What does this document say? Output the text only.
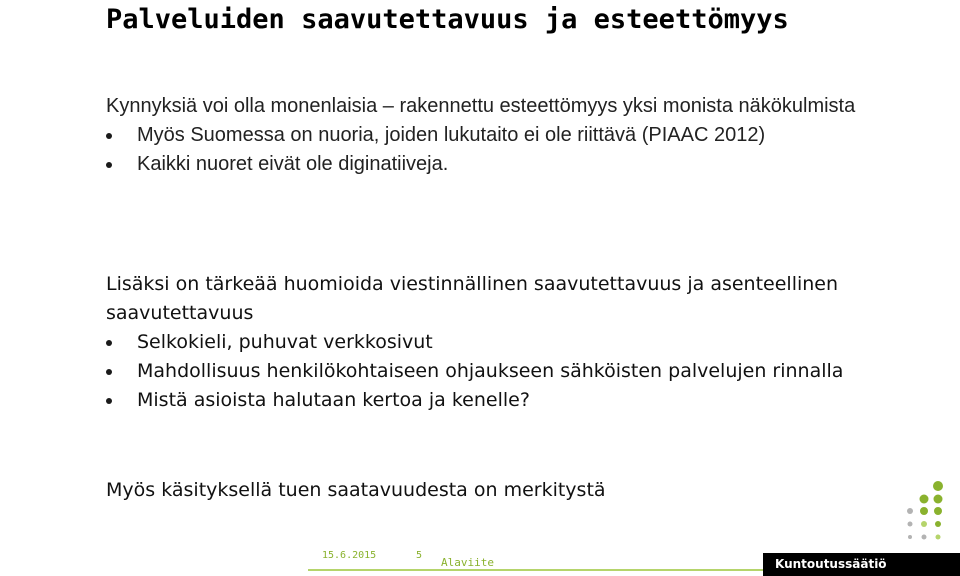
Palveluiden saavutettavuus ja esteettömyys

Kynnyksiä voi olla monenlaisia – rakennettu esteettömyys yksi monista näkökulmista

Myös Suomessa on nuoria, joiden lukutaito ei ole riittävä (PIAAC 2012)
Kaikki nuoret eivät ole diginatiiveja.

Lisäksi on tärkeää huomioida viestinnällinen saavutettavuus ja asenteellinen saavutettavuus

Selkokieli, puhuvat verkkosivut
Mahdollisuus henkilökohtaiseen ohjaukseen sähköisten palvelujen rinnalla
Mistä asioista halutaan kertoa ja kenelle?

Myös käsityksellä tuen saatavuudesta on merkitystä

15.6.2015	5
Alaviite	Kuntoutussäätiö
